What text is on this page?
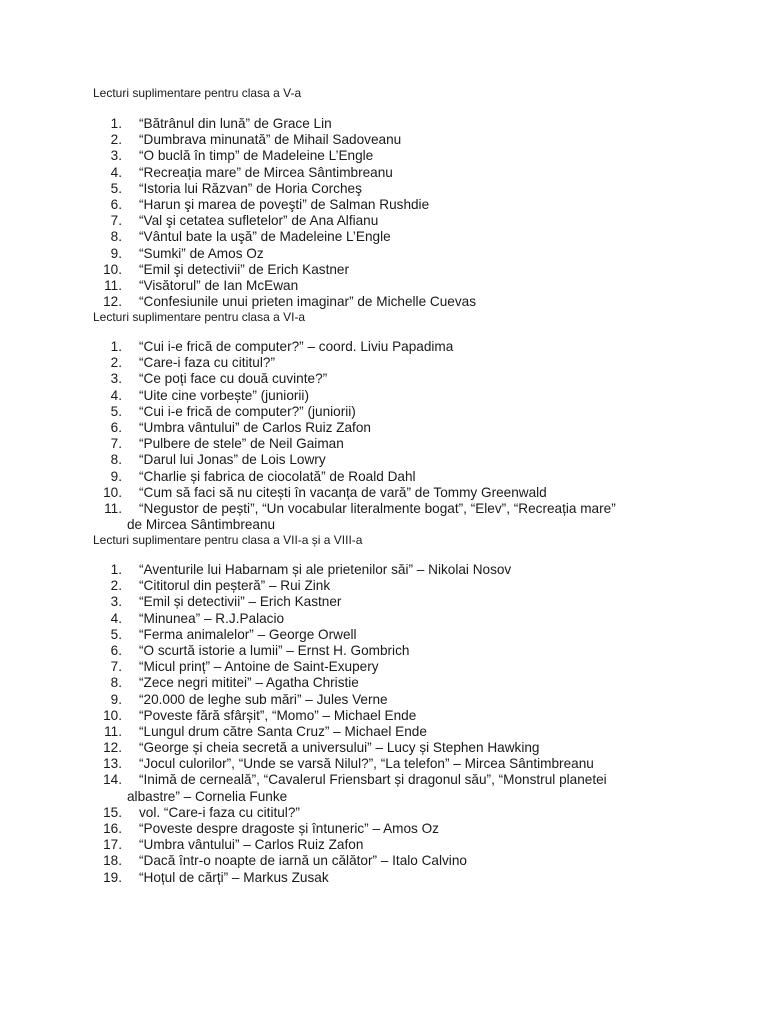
Lecturi suplimentare pentru clasa a V-a
1. “Bătrânul din lună” de Grace Lin
2. “Dumbrava minunată” de Mihail Sadoveanu
3. “O buclă în timp” de Madeleine L’Engle
4. “Recreația mare” de Mircea Sântimbreanu
5. “Istoria lui Răzvan” de Horia Corcheş
6. “Harun şi marea de poveşti” de Salman Rushdie
7. “Val şi cetatea sufletelor” de Ana Alfianu
8. “Vântul bate la uşă” de Madeleine L’Engle
9. “Sumki” de Amos Oz
10. “Emil şi detectivii” de Erich Kastner
11. “Visătorul” de Ian McEwan
12. “Confesiunile unui prieten imaginar” de Michelle Cuevas
Lecturi suplimentare pentru clasa a VI-a
1. “Cui i-e frică de computer?” – coord. Liviu Papadima
2. “Care-i faza cu cititul?”
3. “Ce poți face cu două cuvinte?”
4. “Uite cine vorbește” (juniorii)
5. “Cui i-e frică de computer?” (juniorii)
6. “Umbra vântului” de Carlos Ruiz Zafon
7. “Pulbere de stele” de Neil Gaiman
8. “Darul lui Jonas” de Lois Lowry
9. “Charlie și fabrica de ciocolată” de Roald Dahl
10. “Cum să faci să nu citești în vacanța de vară” de Tommy Greenwald
11. “Negustor de pești”, “Un vocabular literalmente bogat”, “Elev”, “Recreația mare”
de Mircea Sântimbreanu
Lecturi suplimentare pentru clasa a VII-a și a VIII-a
1. “Aventurile lui Habarnam și ale prietenilor săi” – Nikolai Nosov
2. “Cititorul din peșteră” – Rui Zink
3. “Emil și detectivii” – Erich Kastner
4. “Minunea” – R.J.Palacio
5. “Ferma animalelor” – George Orwell
6. “O scurtă istorie a lumii” – Ernst H. Gombrich
7. “Micul prinț” – Antoine de Saint-Exupery
8. “Zece negri mititei” – Agatha Christie
9. “20.000 de leghe sub mări” – Jules Verne
10. “Poveste fără sfârșit”, “Momo” – Michael Ende
11. “Lungul drum către Santa Cruz” – Michael Ende
12. “George și cheia secretă a universului” – Lucy și Stephen Hawking
13. “Jocul culorilor”, “Unde se varsă Nilul?”, “La telefon” – Mircea Sântimbreanu
14. “Inimă de cerneală”, “Cavalerul Friensbart și dragonul său”, “Monstrul planetei
albastre” – Cornelia Funke
15. vol. “Care-i faza cu cititul?”
16. “Poveste despre dragoste și întuneric” – Amos Oz
17. “Umbra vântului” – Carlos Ruiz Zafon
18. “Dacă într-o noapte de iarnă un călător” – Italo Calvino
19. “Hoțul de cărți” – Markus Zusak
